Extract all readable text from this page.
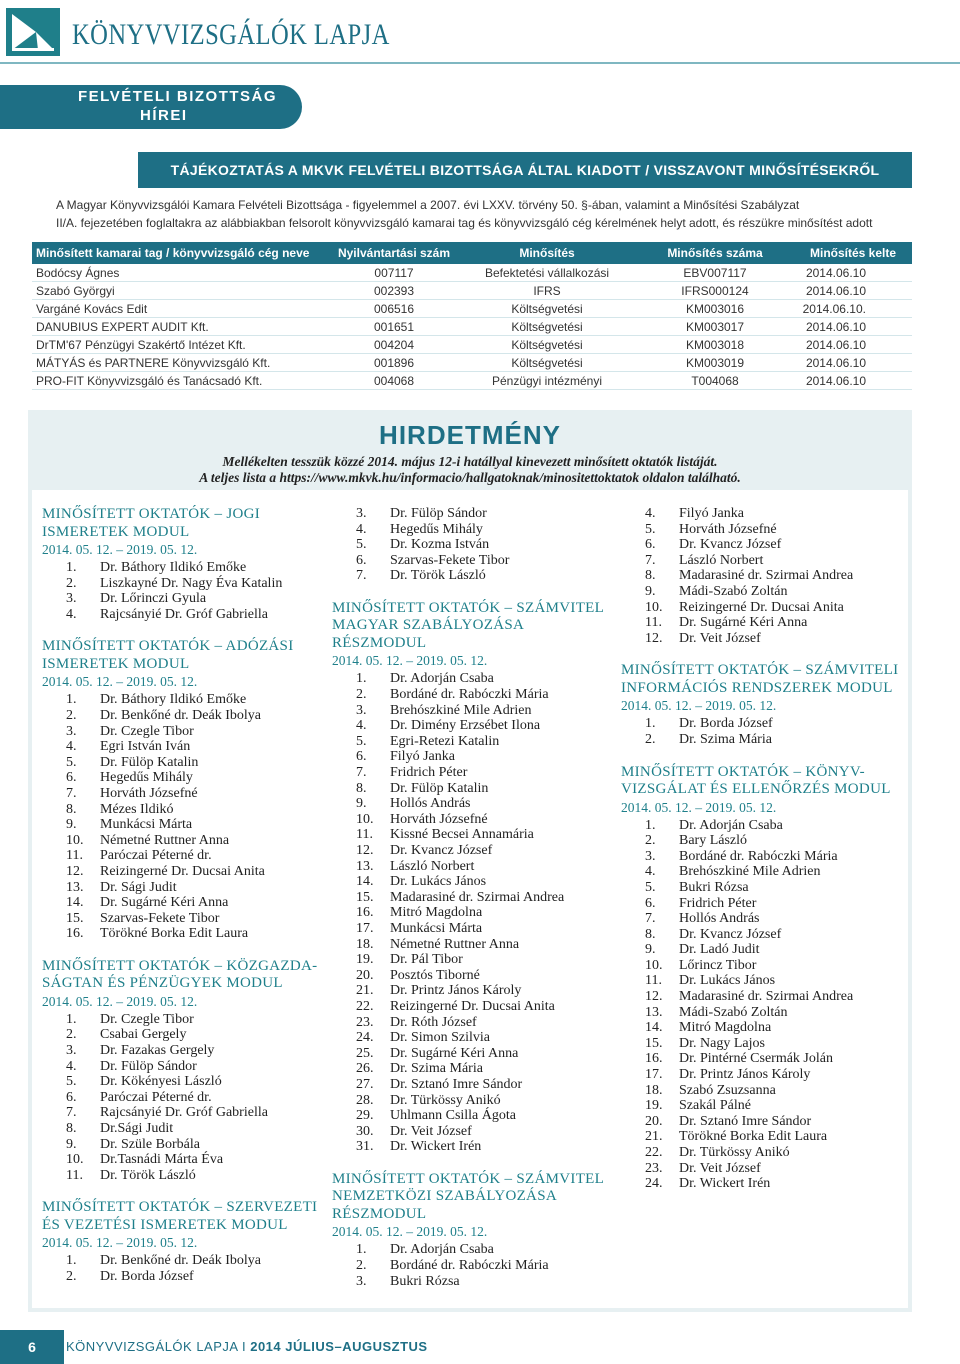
KÖNYVVIZSGÁLÓK LAPJA
FELVÉTELI BIZOTTSÁG
HÍREI
TÁJÉKOZTATÁS A MKVK FELVÉTELI BIZOTTSÁGA ÁLTAL KIADOTT / VISSZAVONT MINŐSÍTÉSEKRŐL
A Magyar Könyvvizsgálói Kamara Felvételi Bizottsága - figyelemmel a 2007. évi LXXV. törvény 50. §-ában, valamint a Minősítési Szabályzat
II/A. fejezetében foglaltakra az alábbiakban felsorolt könyvvizsgáló kamarai tag és könyvvizsgáló cég kérelmének helyt adott, és részükre minősítést adott
Minősített kamarai tag / könyvvizsgáló cég neve	Nyilvántartási szám	Minősítés	Minősítés száma	Minősítés kelte
Bodócsy Ágnes	007117	Befektetési vállalkozási	EBV007117	2014.06.10
Szabó Györgyi	002393	IFRS	IFRS000124	2014.06.10
Vargáné Kovács Edit	006516	Költségvetési	KM003016	2014.06.10.
DANUBIUS EXPERT AUDIT Kft.	001651	Költségvetési	KM003017	2014.06.10
DrTM'67 Pénzügyi Szakértő Intézet Kft.	004204	Költségvetési	KM003018	2014.06.10
MÁTYÁS és PARTNERE Könyvvizsgáló Kft.	001896	Költségvetési	KM003019	2014.06.10
PRO-FIT Könyvvizsgáló és Tanácsadó Kft.	004068	Pénzügyi intézményi	T004068	2014.06.10
HIRDETMÉNY
Mellékelten tesszük közzé 2014. május 12-i hatállyal kinevezett minősített oktatók listáját.
A teljes lista a https://www.mkvk.hu/informacio/hallgatoknak/minositettoktatok oldalon található.
MINŐSÍTETT OKTATÓK – JOGI
ISMERETEK MODUL
2014. 05. 12. – 2019. 05. 12.
1.	Dr. Báthory Ildikó Emőke
2.	Liszkayné Dr. Nagy Éva Katalin
3.	Dr. Lőrinczi Gyula
4.	Rajcsányié Dr. Gróf Gabriella
MINŐSÍTETT OKTATÓK – ADÓZÁSI
ISMERETEK MODUL
2014. 05. 12. – 2019. 05. 12.
1.	Dr. Báthory Ildikó Emőke
2.	Dr. Benkőné dr. Deák Ibolya
3.	Dr. Czegle Tibor
4.	Egri István Iván
5.	Dr. Fülöp Katalin
6.	Hegedűs Mihály
7.	Horváth Józsefné
8.	Mézes Ildikó
9.	Munkácsi Márta
10.	Németné Ruttner Anna
11.	Paróczai Péterné dr.
12.	Reizingerné Dr. Ducsai Anita
13.	Dr. Sági Judit
14.	Dr. Sugárné Kéri Anna
15.	Szarvas-Fekete Tibor
16.	Törökné Borka Edit Laura
MINŐSÍTETT OKTATÓK – KÖZGAZDA-
SÁGTAN ÉS PÉNZÜGYEK MODUL
2014. 05. 12. – 2019. 05. 12.
1.	Dr. Czegle Tibor
2.	Csabai Gergely
3.	Dr. Fazakas Gergely
4.	Dr. Fülöp Sándor
5.	Dr. Kökényesi László
6.	Paróczai Péterné dr.
7.	Rajcsányié Dr. Gróf Gabriella
8.	Dr.Sági Judit
9.	Dr. Szüle Borbála
10.	Dr.Tasnádi Márta Éva
11.	Dr. Török László
MINŐSÍTETT OKTATÓK – SZERVEZETI
ÉS VEZETÉSI ISMERETEK MODUL
2014. 05. 12. – 2019. 05. 12.
1.	Dr. Benkőné dr. Deák Ibolya
2.	Dr. Borda József
3.	Dr. Fülöp Sándor
4.	Hegedűs Mihály
5.	Dr. Kozma István
6.	Szarvas-Fekete Tibor
7.	Dr. Török László
MINŐSÍTETT OKTATÓK – SZÁMVITEL
MAGYAR SZABÁLYOZÁSA
RÉSZMODUL
2014. 05. 12. – 2019. 05. 12.
1.	Dr. Adorján Csaba
2.	Bordáné dr. Rabóczki Mária
3.	Brehószkiné Mile Adrien
4.	Dr. Dimény Erzsébet Ilona
5.	Egri-Retezi Katalin
6.	Filyó Janka
7.	Fridrich Péter
8.	Dr. Fülöp Katalin
9.	Hollós András
10.	Horváth Józsefné
11.	Kissné Becsei Annamária
12.	Dr. Kvancz József
13.	László Norbert
14.	Dr. Lukács János
15.	Madarasiné dr. Szirmai Andrea
16.	Mitró Magdolna
17.	Munkácsi Márta
18.	Németné Ruttner Anna
19.	Dr. Pál Tibor
20.	Posztós Tiborné
21.	Dr. Printz János Károly
22.	Reizingerné Dr. Ducsai Anita
23.	Dr. Róth József
24.	Dr. Simon Szilvia
25.	Dr. Sugárné Kéri Anna
26.	Dr. Szima Mária
27.	Dr. Sztanó Imre Sándor
28.	Dr. Türkössy Anikó
29.	Uhlmann Csilla Ágota
30.	Dr. Veit József
31.	Dr. Wickert Irén
MINŐSÍTETT OKTATÓK – SZÁMVITEL
NEMZETKÖZI SZABÁLYOZÁSA
RÉSZMODUL
2014. 05. 12. – 2019. 05. 12.
1.	Dr. Adorján Csaba
2.	Bordáné dr. Rabóczki Mária
3.	Bukri Rózsa
4.	Filyó Janka
5.	Horváth Józsefné
6.	Dr. Kvancz József
7.	László Norbert
8.	Madarasiné dr. Szirmai Andrea
9.	Mádi-Szabó Zoltán
10.	Reizingerné Dr. Ducsai Anita
11.	Dr. Sugárné Kéri Anna
12.	Dr. Veit József
MINŐSÍTETT OKTATÓK – SZÁMVITELI
INFORMÁCIÓS RENDSZEREK MODUL
2014. 05. 12. – 2019. 05. 12.
1.	Dr. Borda József
2.	Dr. Szima Mária
MINŐSÍTETT OKTATÓK – KÖNYV-
VIZSGÁLAT ÉS ELLENŐRZÉS MODUL
2014. 05. 12. – 2019. 05. 12.
1.	Dr. Adorján Csaba
2.	Bary László
3.	Bordáné dr. Rabóczki Mária
4.	Brehószkiné Mile Adrien
5.	Bukri Rózsa
6.	Fridrich Péter
7.	Hollós András
8.	Dr. Kvancz József
9.	Dr. Ladó Judit
10.	Lőrincz Tibor
11.	Dr. Lukács János
12.	Madarasiné dr. Szirmai Andrea
13.	Mádi-Szabó Zoltán
14.	Mitró Magdolna
15.	Dr. Nagy Lajos
16.	Dr. Pintérné Csermák Jolán
17.	Dr. Printz János Károly
18.	Szabó Zsuzsanna
19.	Szakál Pálné
20.	Dr. Sztanó Imre Sándor
21.	Törökné Borka Edit Laura
22.	Dr. Türkössy Anikó
23.	Dr. Veit József
24.	Dr. Wickert Irén
6	KÖNYVVIZSGÁLÓK LAPJA I 2014 JÚLIUS–AUGUSZTUS
